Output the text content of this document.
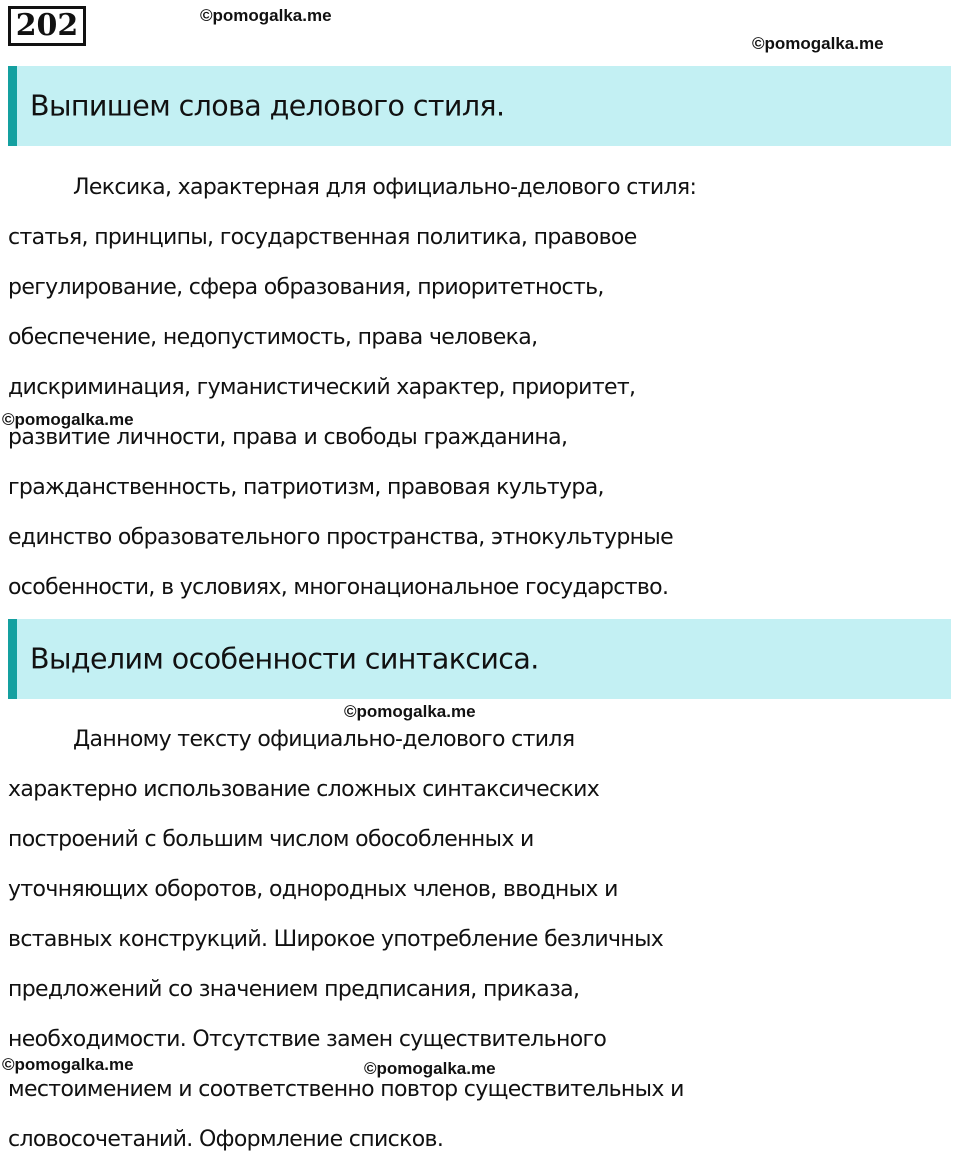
202	©pomogalka.me
©pomogalka.me
©pomogalka.me
©pomogalka.me
©pomogalka.me	©pomogalka.me
Выпишем слова делового стиля.
Лексика, характерная для официально-делового стиля:
статья, принципы, государственная политика, правовое
регулирование, сфера образования, приоритетность,
обеспечение, недопустимость, права человека,
дискриминация, гуманистический характер, приоритет,
развитие личности, права и свободы гражданина,
гражданственность, патриотизм, правовая культура,
единство образовательного пространства, этнокультурные
особенности, в условиях, многонациональное государство.
Выделим особенности синтаксиса.
Данному тексту официально-делового стиля
характерно использование сложных синтаксических
построений с большим числом обособленных и
уточняющих оборотов, однородных членов, вводных и
вставных конструкций. Широкое употребление безличных
предложений со значением предписания, приказа,
необходимости. Отсутствие замен существительного
местоимением и соответственно повтор существительных и
словосочетаний. Оформление списков.
